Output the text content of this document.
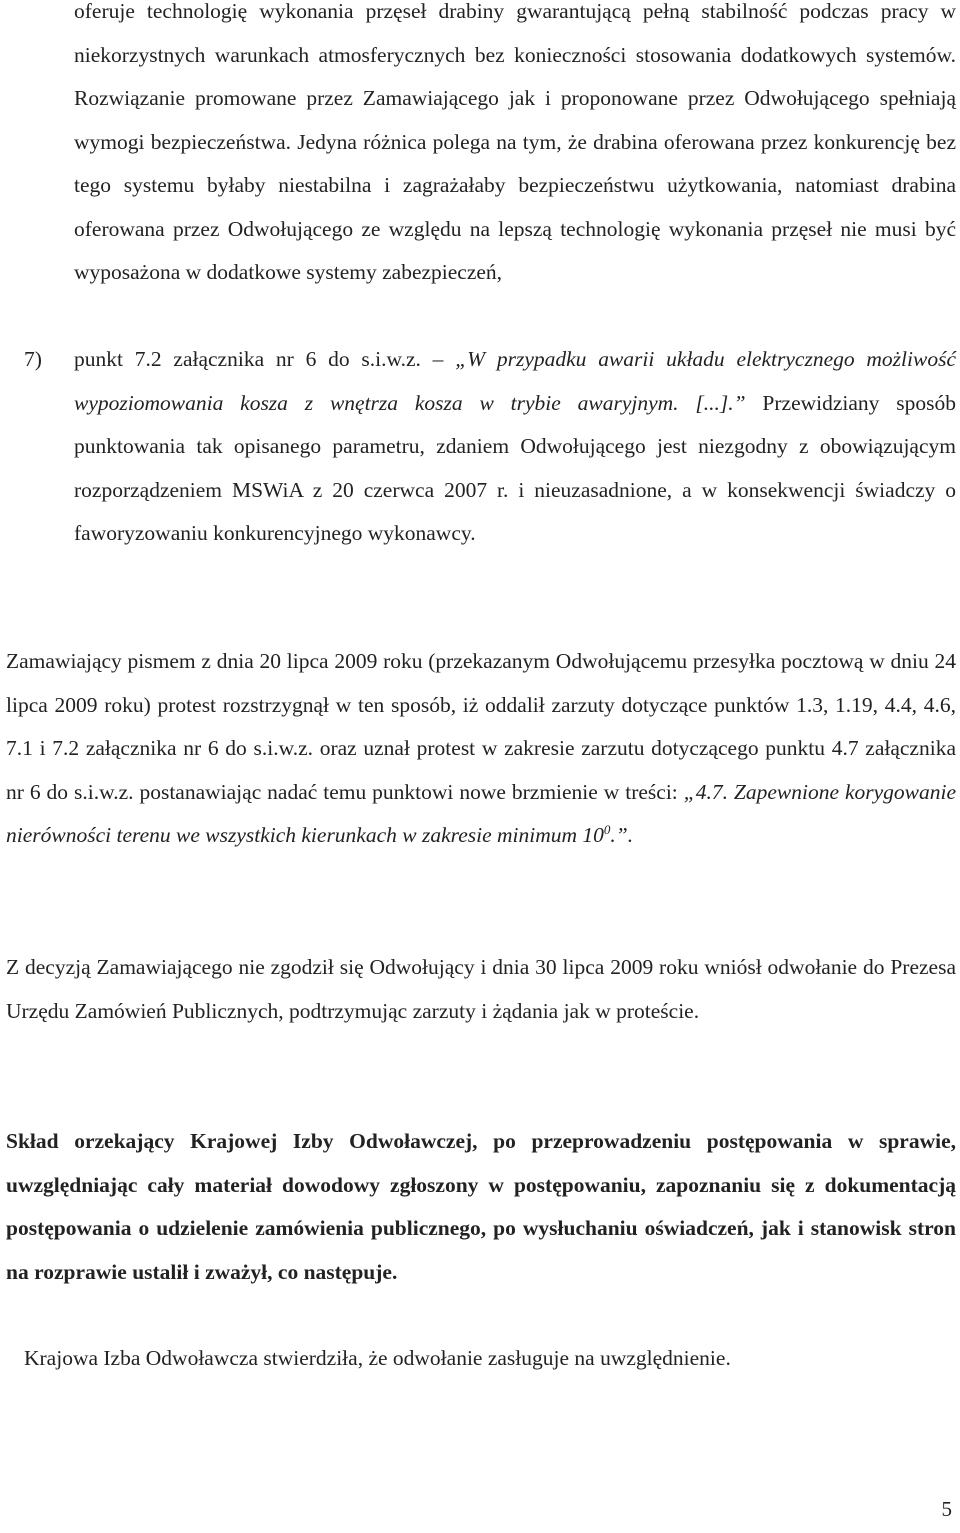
oferuje technologię wykonania przęseł drabiny gwarantującą pełną stabilność podczas pracy w niekorzystnych warunkach atmosferycznych bez konieczności stosowania dodatkowych systemów. Rozwiązanie promowane przez Zamawiającego jak i proponowane przez Odwołującego spełniają wymogi bezpieczeństwa. Jedyna różnica polega na tym, że drabina oferowana przez konkurencję bez tego systemu byłaby niestabilna i zagrażałaby bezpieczeństwu użytkowania, natomiast drabina oferowana przez Odwołującego ze względu na lepszą technologię wykonania przęseł nie musi być wyposażona w dodatkowe systemy zabezpieczeń,

7) punkt 7.2 załącznika nr 6 do s.i.w.z. – „W przypadku awarii układu elektrycznego możliwość wypoziomowania kosza z wnętrza kosza w trybie awaryjnym. [...].” Przewidziany sposób punktowania tak opisanego parametru, zdaniem Odwołującego jest niezgodny z obowiązującym rozporządzeniem MSWiA z 20 czerwca 2007 r. i nieuzasadnione, a w konsekwencji świadczy o faworyzowaniu konkurencyjnego wykonawcy.

Zamawiający pismem z dnia 20 lipca 2009 roku (przekazanym Odwołującemu przesyłka pocztową w dniu 24 lipca 2009 roku) protest rozstrzygnął w ten sposób, iż oddalił zarzuty dotyczące punktów 1.3, 1.19, 4.4, 4.6, 7.1 i 7.2 załącznika nr 6 do s.i.w.z. oraz uznał protest w zakresie zarzutu dotyczącego punktu 4.7 załącznika nr 6 do s.i.w.z. postanawiając nadać temu punktowi nowe brzmienie w treści: „4.7. Zapewnione korygowanie nierówności terenu we wszystkich kierunkach w zakresie minimum $10^0$.”.

Z decyzją Zamawiającego nie zgodził się Odwołujący i dnia 30 lipca 2009 roku wniósł odwołanie do Prezesa Urzędu Zamówień Publicznych, podtrzymując zarzuty i żądania jak w proteście.

Skład orzekający Krajowej Izby Odwoławczej, po przeprowadzeniu postępowania w sprawie, uwzględniając cały materiał dowodowy zgłoszony w postępowaniu, zapoznaniu się z dokumentacją postępowania o udzielenie zamówienia publicznego, po wysłuchaniu oświadczeń, jak i stanowisk stron na rozprawie ustalił i zważył, co następuje.

Krajowa Izba Odwoławcza stwierdziła, że odwołanie zasługuje na uwzględnienie.

5
